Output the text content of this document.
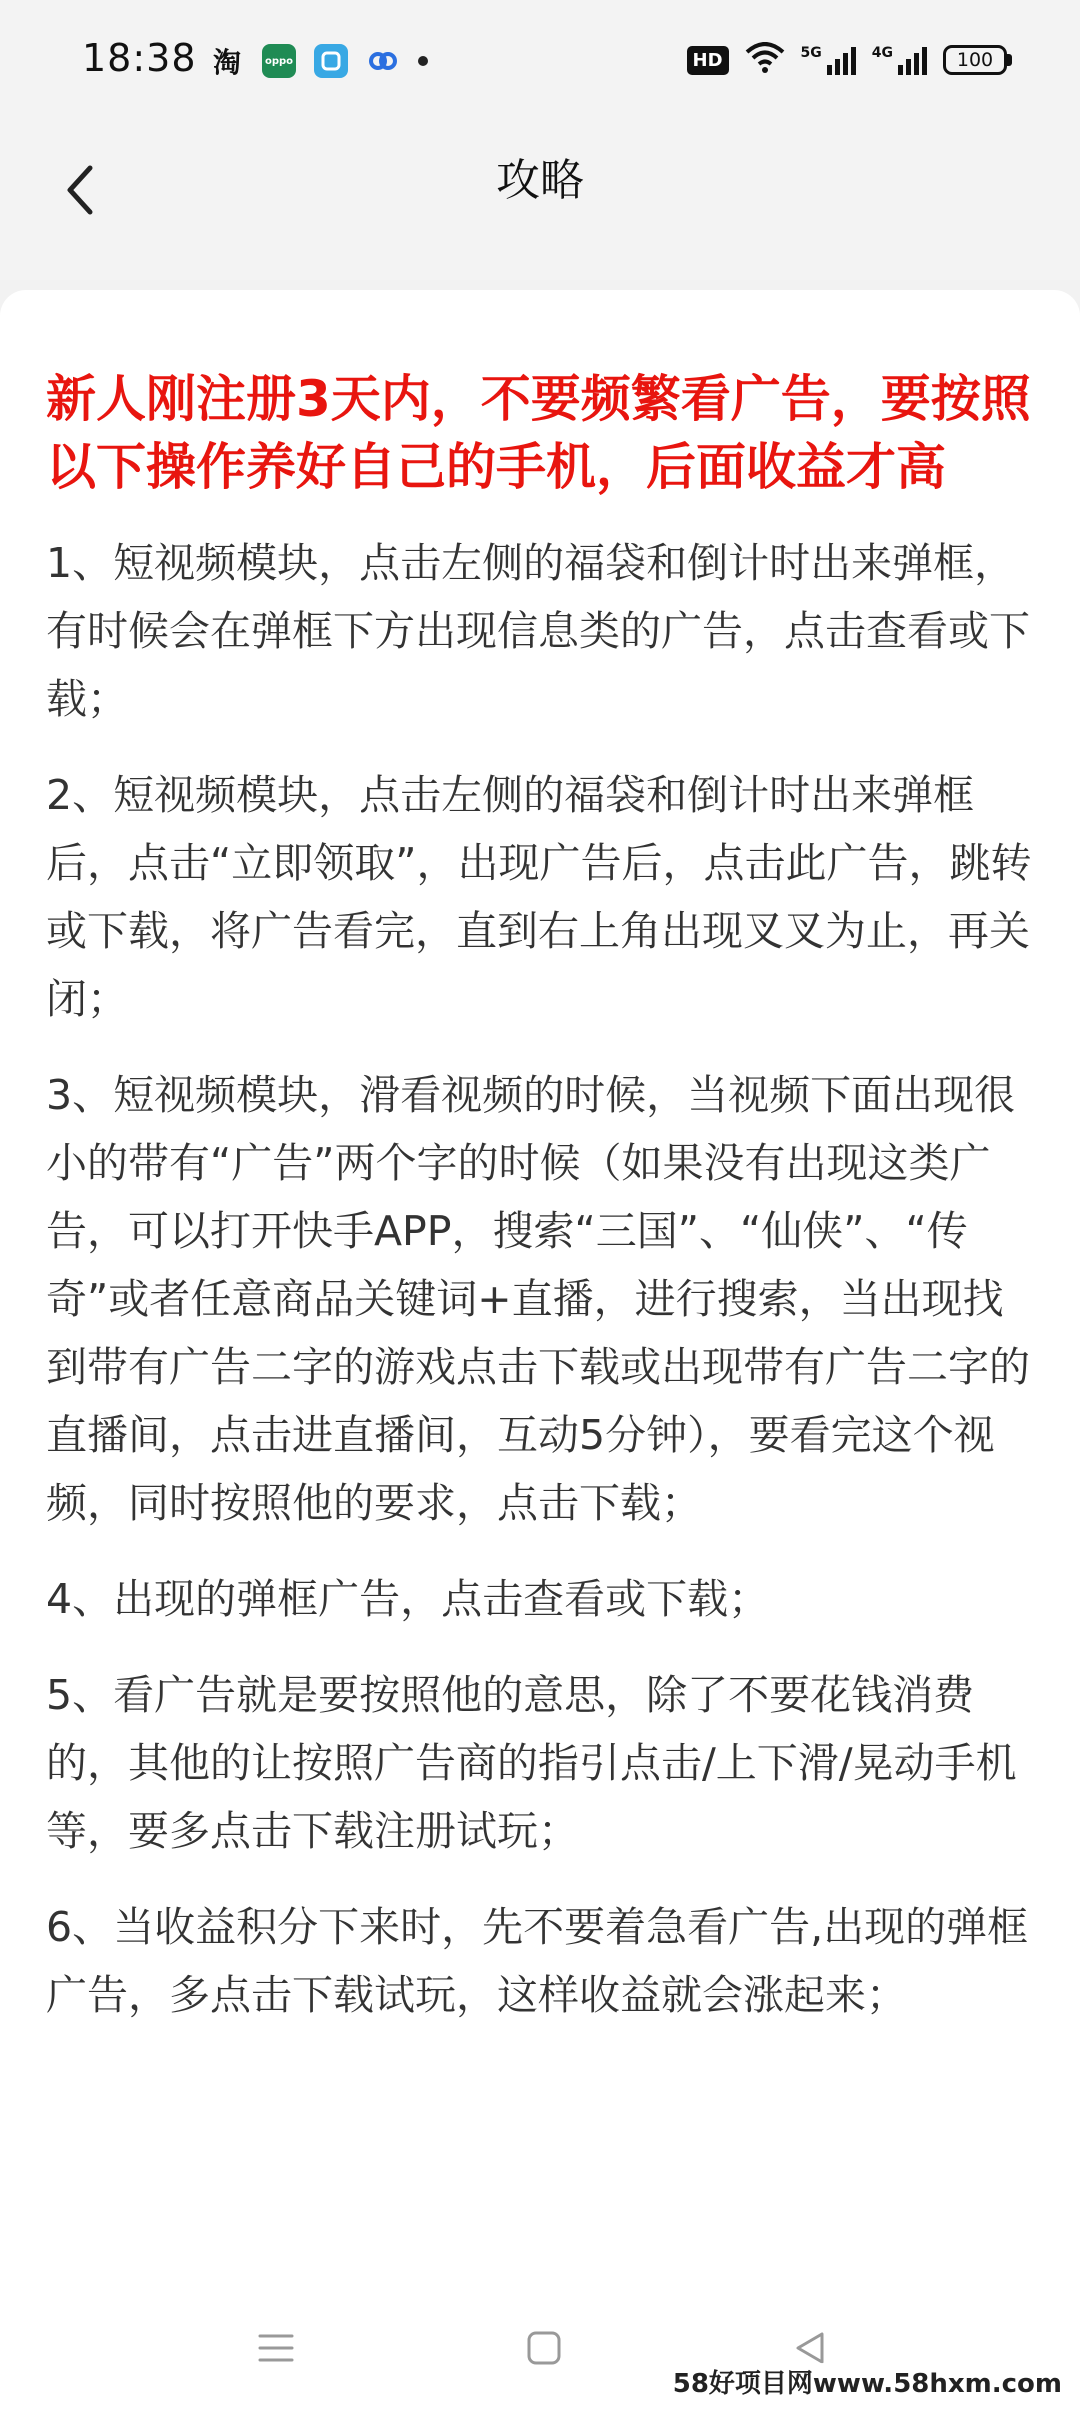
18:38 淘	oppo	HD	5G	4G	100
攻略

新人刚注册3天内，不要频繁看广告，要按照以下操作养好自己的手机，后面收益才高

1、短视频模块，点击左侧的福袋和倒计时出来弹框，有时候会在弹框下方出现信息类的广告，点击查看或下载；

2、短视频模块，点击左侧的福袋和倒计时出来弹框后，点击“立即领取”，出现广告后，点击此广告，跳转或下载，将广告看完，直到右上角出现叉叉为止，再关闭；

3、短视频模块，滑看视频的时候，当视频下面出现很小的带有“广告”两个字的时候（如果没有出现这类广告，可以打开快手APP，搜索“三国”、“仙侠”、“传奇”或者任意商品关键词+直播，进行搜索，当出现找到带有广告二字的游戏点击下载或出现带有广告二字的直播间，点击进直播间，互动5分钟），要看完这个视频，同时按照他的要求，点击下载；

4、出现的弹框广告，点击查看或下载；

5、看广告就是要按照他的意思，除了不要花钱消费的，其他的让按照广告商的指引点击/上下滑/晃动手机等，要多点击下载注册试玩；

6、当收益积分下来时，先不要着急看广告,出现的弹框广告，多点击下载试玩，这样收益就会涨起来；

58好项目网www.58hxm.com
